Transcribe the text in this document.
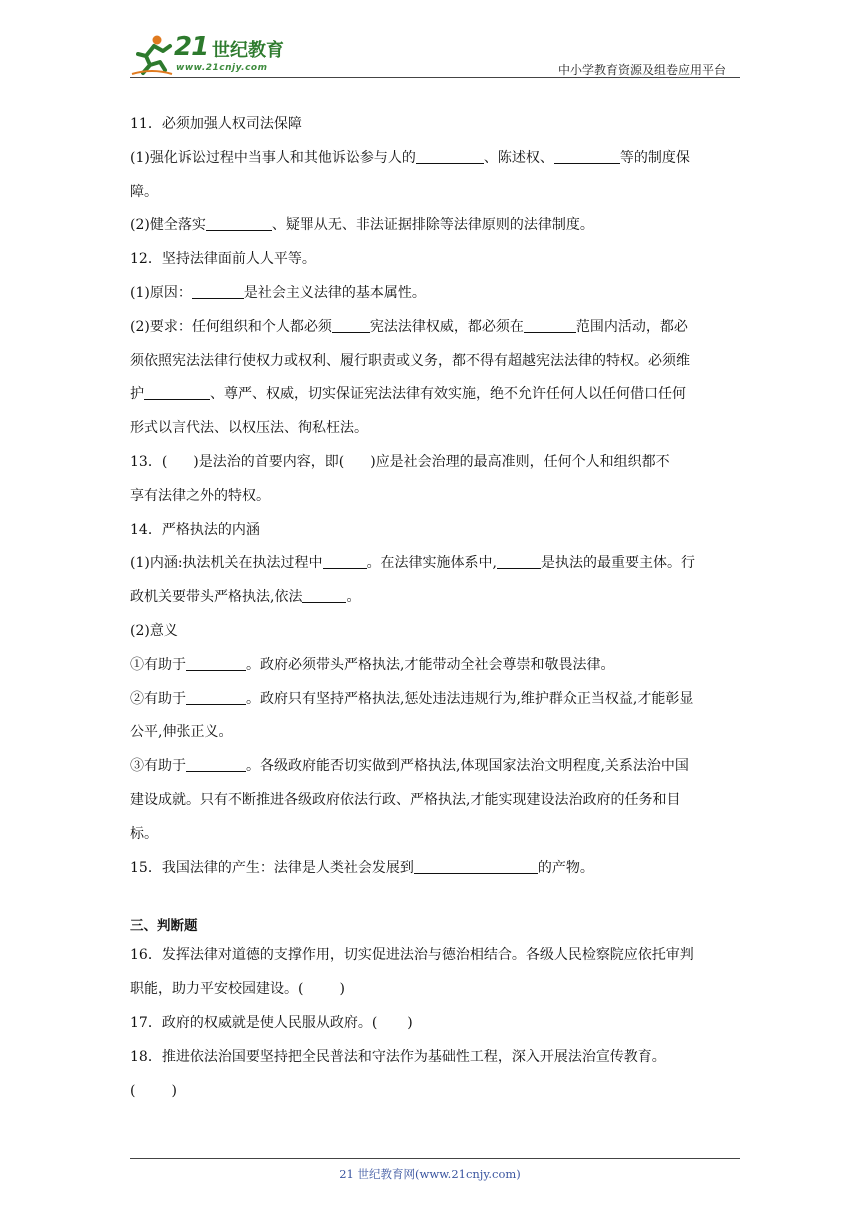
21 世纪教育
www.21cnjy.com	中小学教育资源及组卷应用平台
11．必须加强人权司法保障
(1)强化诉讼过程中当事人和其他诉讼参与人的	、陈述权、	等的制度保
障。
(2)健全落实	、疑罪从无、非法证据排除等法律原则的法律制度。
12．坚持法律面前人人平等。
(1)原因：	是社会主义法律的基本属性。
(2)要求：任何组织和个人都必须	宪法法律权威，都必须在	范围内活动，都必
须依照宪法法律行使权力或权利、履行职责或义务，都不得有超越宪法法律的特权。必须维
护	、尊严、权威，切实保证宪法法律有效实施，绝不允许任何人以任何借口任何
形式以言代法、以权压法、徇私枉法。
13．( )是法治的首要内容，即( )应是社会治理的最高准则，任何个人和组织都不
享有法律之外的特权。
14．严格执法的内涵
(1)内涵:执法机关在执法过程中	。在法律实施体系中,	是执法的最重要主体。行
政机关要带头严格执法,依法	。
(2)意义
①有助于	。政府必须带头严格执法,才能带动全社会尊崇和敬畏法律。
②有助于	。政府只有坚持严格执法,惩处违法违规行为,维护群众正当权益,才能彰显
公平,伸张正义。
③有助于	。各级政府能否切实做到严格执法,体现国家法治文明程度,关系法治中国
建设成就。只有不断推进各级政府依法行政、严格执法,才能实现建设法治政府的任务和目
标。
15．我国法律的产生：法律是人类社会发展到	的产物。
三、判断题
16．发挥法律对道德的支撑作用，切实促进法治与德治相结合。各级人民检察院应依托审判
职能，助力平安校园建设。(	)
17．政府的权威就是使人民服从政府。( )
18．推进依法治国要坚持把全民普法和守法作为基础性工程，深入开展法治宣传教育。
(	)
21 世纪教育网(www.21cnjy.com)
